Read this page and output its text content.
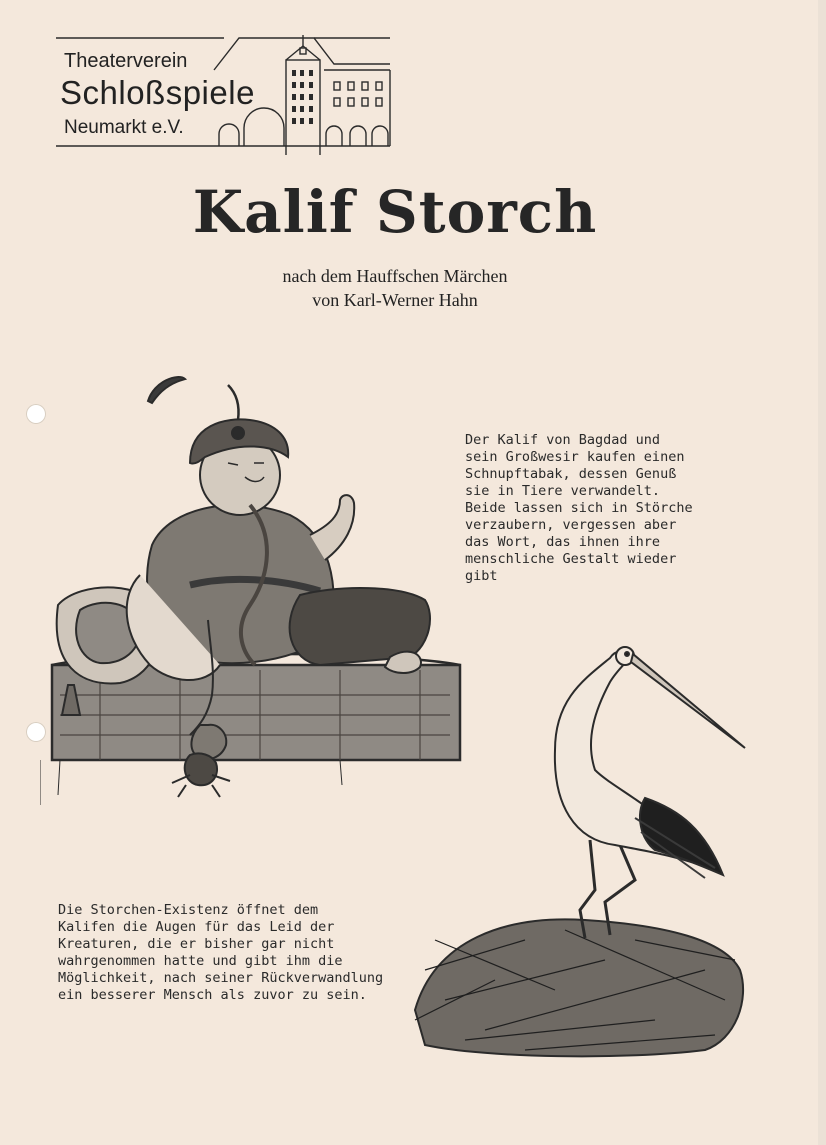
Theaterverein
Schloßspiele
Neumarkt e.V.
Kalif Storch
nach dem Hauffschen Märchen
von Karl-Werner Hahn
Der Kalif von Bagdad und
sein Großwesir kaufen einen
Schnupftabak, dessen Genuß
sie in Tiere verwandelt.
Beide lassen sich in Störche
verzaubern, vergessen aber
das Wort, das ihnen ihre
menschliche Gestalt wieder
gibt
Die Storchen-Existenz öffnet dem
Kalifen die Augen für das Leid der
Kreaturen, die er bisher gar nicht
wahrgenommen hatte und gibt ihm die
Möglichkeit, nach seiner Rückverwandlung
ein besserer Mensch als zuvor zu sein.
